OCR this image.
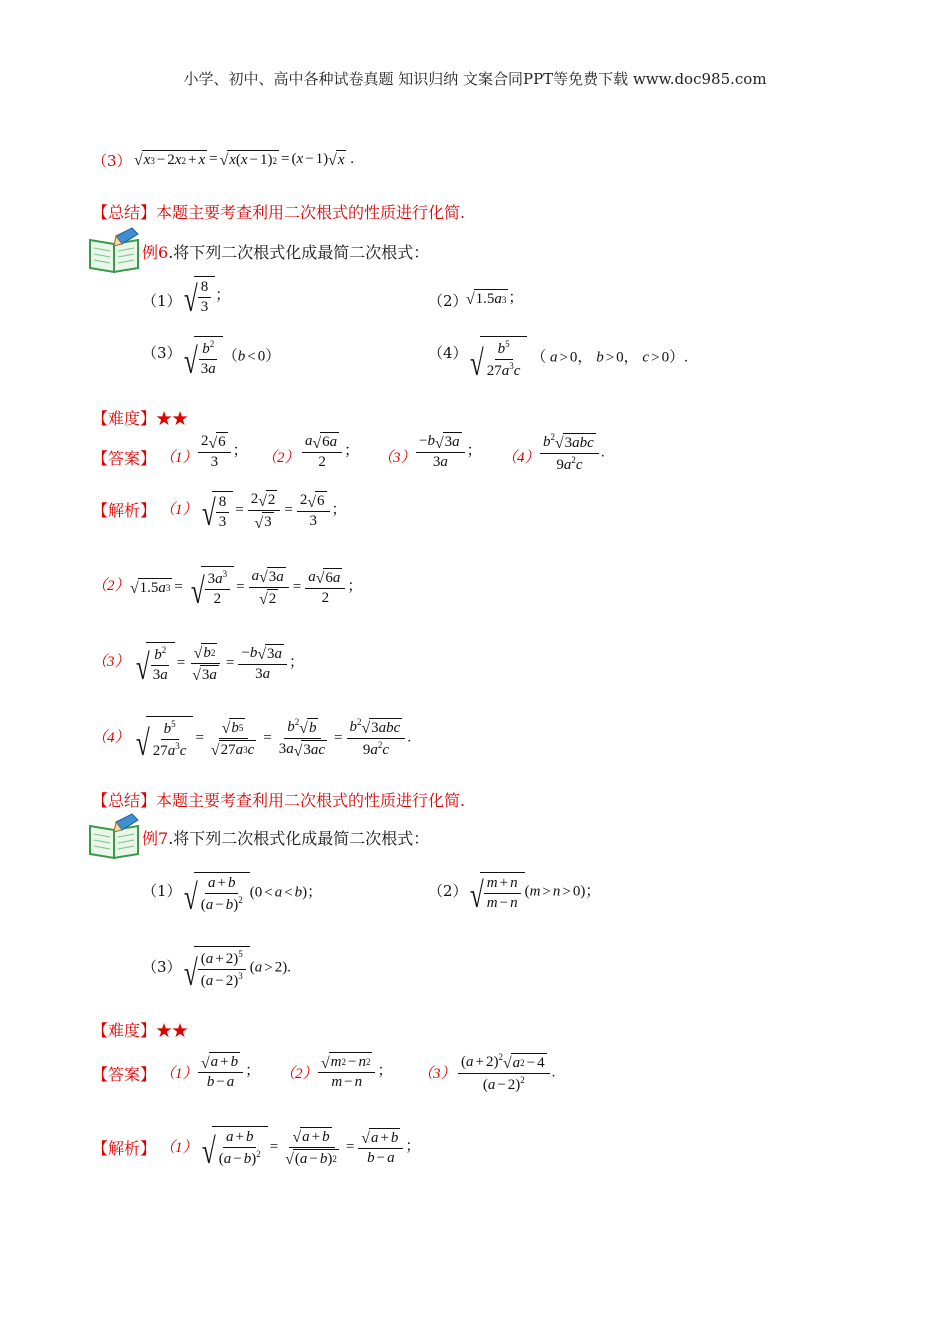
小学、初中、高中各种试卷真题 知识归纳 文案合同PPT等免费下载 www.doc985.com
（3） √ x 3 − 2 x 2 + x = √ x ( x − 1) 2 = (x − 1) √ x .
【总结】本题主要考查利用二次根式的性质进行化简.
例6.将下列二次根式化成最简二次根式：
（1） √ 8
3
；	（2）
√ 1.5 a 3 ；
（3） √ $b^2$
3a
（b < 0）	（4） √ $b^5$
$27a^3c$
（ a > 0， b > 0， c > 0）.
【难度】★★
【答案】 $(1) \frac{2 √ 6}{3}$ ； $(2) \frac{a √ 6 a}{2}$ ； $(3) \frac{-b √ 3 a}{3a}$ ； （4）
$b^2$ √ 3 abc
$9a^2c$
.
【解析】 （1） √ 8
3
= $\frac{2 √ 2}{√ 3} = \frac{2 √ 6}{3}$ ；
（2） √ 1.5 a 3 = √ $3a^3$
2
= $\frac{a √ 3 a}{√ 2} = \frac{a √ 6 a}{2}$ ；
（3） √ $b^2$
3a
= $\frac{√ b 2}{√ 3 a} = \frac{-b √ 3 a}{3a}$ ；
（4） √ $b^5$
$27a^3c$
= $\frac{√ b 5}{√ 27 a 3 c} = \frac{b^2 √ b}{3a √ 3 ac}$ =
$b^2$ √ 3 abc
$9a^2c$
.
【总结】本题主要考查利用二次根式的性质进行化简.
例7.将下列二次根式化成最简二次根式：
（1） √ a + b
$(a - b)^2$ (0 < a < b)；	（2） √ m + n
m − n
(m > n > 0)；
（3） √ $(a + 2)^5$
$(a - 2)^3$
(a > 2).
【难度】★★
【答案】 $(1) \frac{√ a + b}{b - a}$ ； $(2) \frac{√ m 2 - n 2}{m - n}$ ； $(3) \frac{(a + 2)^2 √ a 2 - 4}{(a - 2)^2}$ .
【解析】 （1） √ a + b
$(a - b)^2 = \frac{√ a + b}{√ ( a - b ) 2} = \frac{√ a + b}{b - a}$ ；
